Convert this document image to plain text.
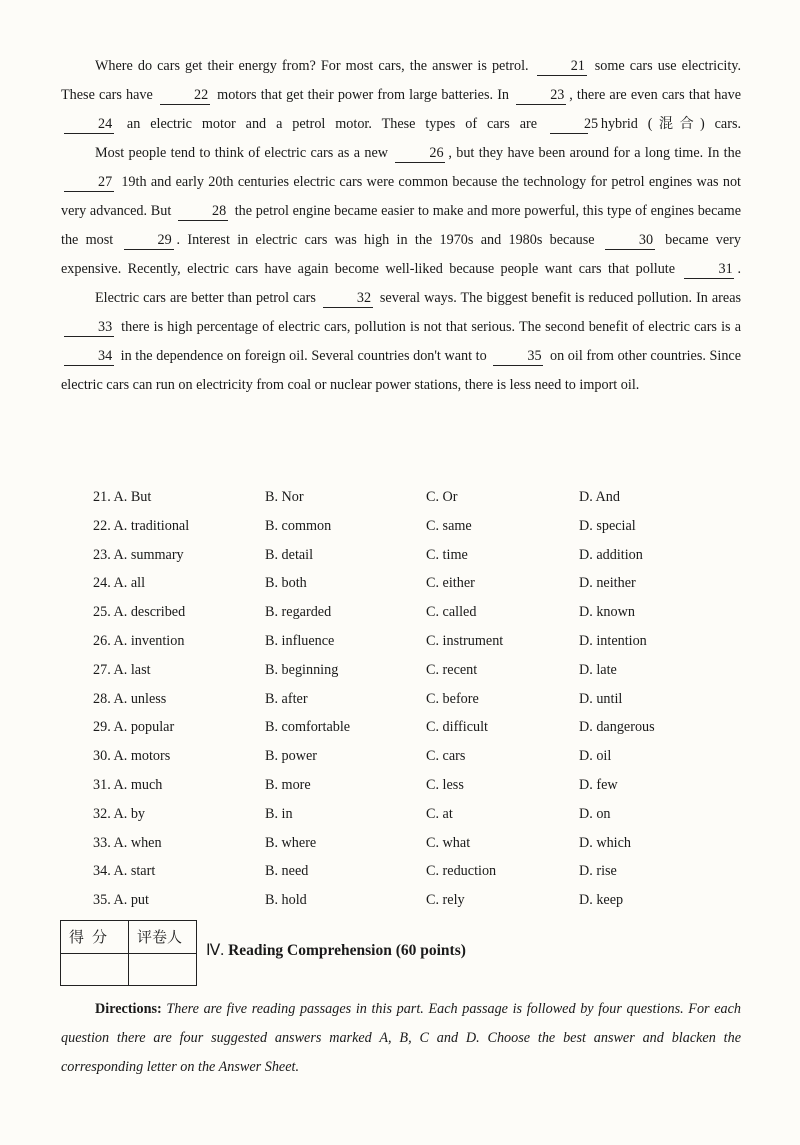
Where do cars get their energy from? For most cars, the answer is petrol.	21 some cars use electricity. These cars have	22 motors that get their power from large batteries. In	23 , there are even cars that have 24 an electric motor and a petrol motor. These types of cars are	25 hybrid (混合) cars.

Most people tend to think of electric cars as a new	26 , but they have been around for a long time. In the 27 19th and early 20th centuries electric cars were common because the technology for petrol engines was not very advanced. But	28 the petrol engine became easier to make and more powerful, this type of engines became the most	29 . Interest in electric cars was high in the 1970s and 1980s because	30 became very expensive. Recently, electric cars have again become well-liked because people want cars that pollute	31 .

Electric cars are better than petrol cars	32 several ways. The biggest benefit is reduced pollution. In areas 33 there is high percentage of electric cars, pollution is not that serious. The second benefit of electric cars is a 34 in the dependence on foreign oil. Several countries don't want to	35 on oil from other countries. Since electric cars can run on electricity from coal or nuclear power stations, there is less need to import oil.

21. A. But	B. Nor	C. Or	D. And
22. A. traditional	B. common	C. same	D. special
23. A. summary	B. detail	C. time	D. addition
24. A. all	B. both	C. either	D. neither
25. A. described	B. regarded	C. called	D. known
26. A. invention	B. influence	C. instrument	D. intention
27. A. last	B. beginning	C. recent	D. late
28. A. unless	B. after	C. before	D. until
29. A. popular	B. comfortable	C. difficult	D. dangerous
30. A. motors	B. power	C. cars	D. oil
31. A. much	B. more	C. less	D. few
32. A. by	B. in	C. at	D. on
33. A. when	B. where	C. what	D. which
34. A. start	B. need	C. reduction	D. rise
35. A. put	B. hold	C. rely	D. keep
得分 评卷人
Ⅳ. Reading Comprehension (60 points)

Directions: There are five reading passages in this part. Each passage is followed by four questions. For each question there are four suggested answers marked A, B, C and D. Choose the best answer and blacken the corresponding letter on the Answer Sheet.
